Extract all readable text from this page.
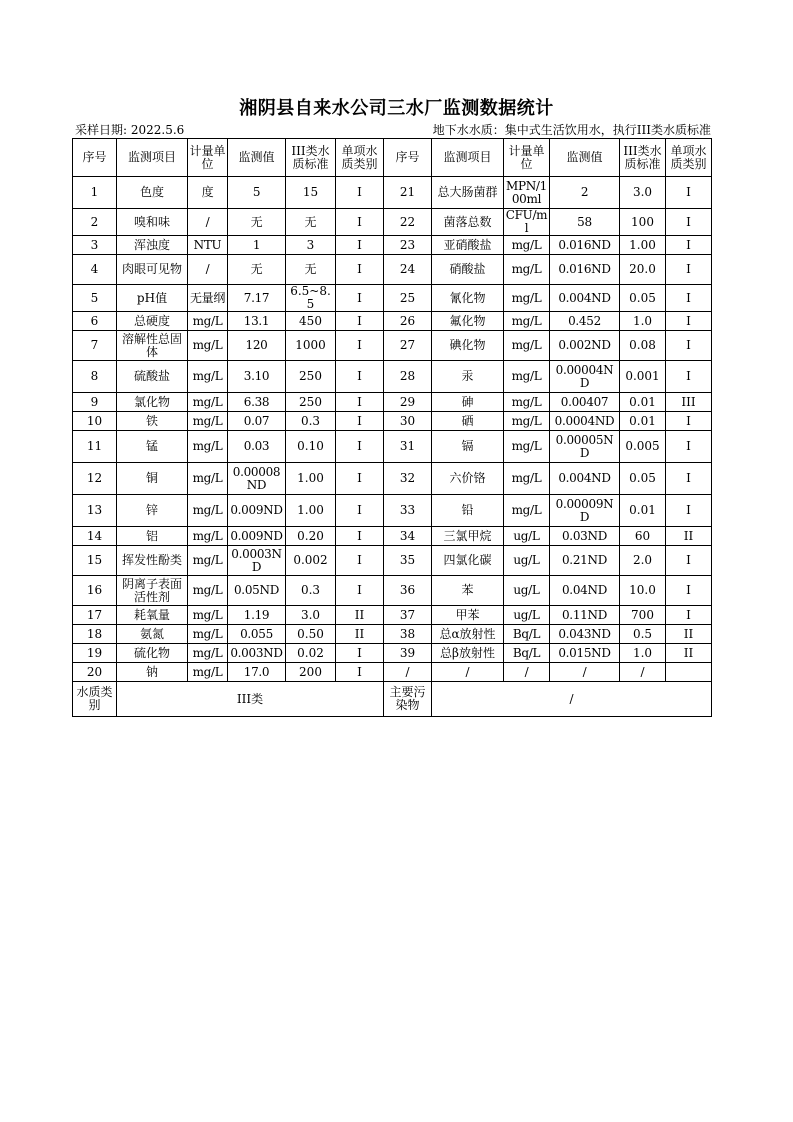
湘阴县自来水公司三水厂监测数据统计
采样日期: 2022.5.6	地下水水质：集中式生活饮用水，执行III类水质标准
序号	监测项目	计量单位	监测值	III类水质标准	单项水质类别	序号	监测项目	计量单位	监测值	III类水质标准	单项水质类别
1	色度	度	5	15	I	21	总大肠菌群	MPN/100ml	2	3.0	I
2	嗅和味	/	无	无	I	22	菌落总数	CFU/ml	58	100	I
3	浑浊度	NTU	1	3	I	23	亚硝酸盐	mg/L	0.016ND	1.00	I
4	肉眼可见物	/	无	无	I	24	硝酸盐	mg/L	0.016ND	20.0	I
5	pH值	无量纲	7.17	6.5~8.5	I	25	氰化物	mg/L	0.004ND	0.05	I
6	总硬度	mg/L	13.1	450	I	26	氟化物	mg/L	0.452	1.0	I
7	溶解性总固体	mg/L	120	1000	I	27	碘化物	mg/L	0.002ND	0.08	I
8	硫酸盐	mg/L	3.10	250	I	28	汞	mg/L	0.00004ND	0.001	I
9	氯化物	mg/L	6.38	250	I	29	砷	mg/L	0.00407	0.01	III
10	铁	mg/L	0.07	0.3	I	30	硒	mg/L	0.0004ND	0.01	I
11	锰	mg/L	0.03	0.10	I	31	镉	mg/L	0.00005ND	0.005	I
12	铜	mg/L	0.00008ND	1.00	I	32	六价铬	mg/L	0.004ND	0.05	I
13	锌	mg/L	0.009ND	1.00	I	33	铅	mg/L	0.00009ND	0.01	I
14	铝	mg/L	0.009ND	0.20	I	34	三氯甲烷	ug/L	0.03ND	60	II
15	挥发性酚类	mg/L	0.0003ND	0.002	I	35	四氯化碳	ug/L	0.21ND	2.0	I
16	阴离子表面活性剂	mg/L	0.05ND	0.3	I	36	苯	ug/L	0.04ND	10.0	I
17	耗氧量	mg/L	1.19	3.0	II	37	甲苯	ug/L	0.11ND	700	I
18	氨氮	mg/L	0.055	0.50	II	38	总α放射性	Bq/L	0.043ND	0.5	II
19	硫化物	mg/L	0.003ND	0.02	I	39	总β放射性	Bq/L	0.015ND	1.0	II
20	钠	mg/L	17.0	200	I	/	/	/	/	/	
水质类别	III类					主要污染物	/				
